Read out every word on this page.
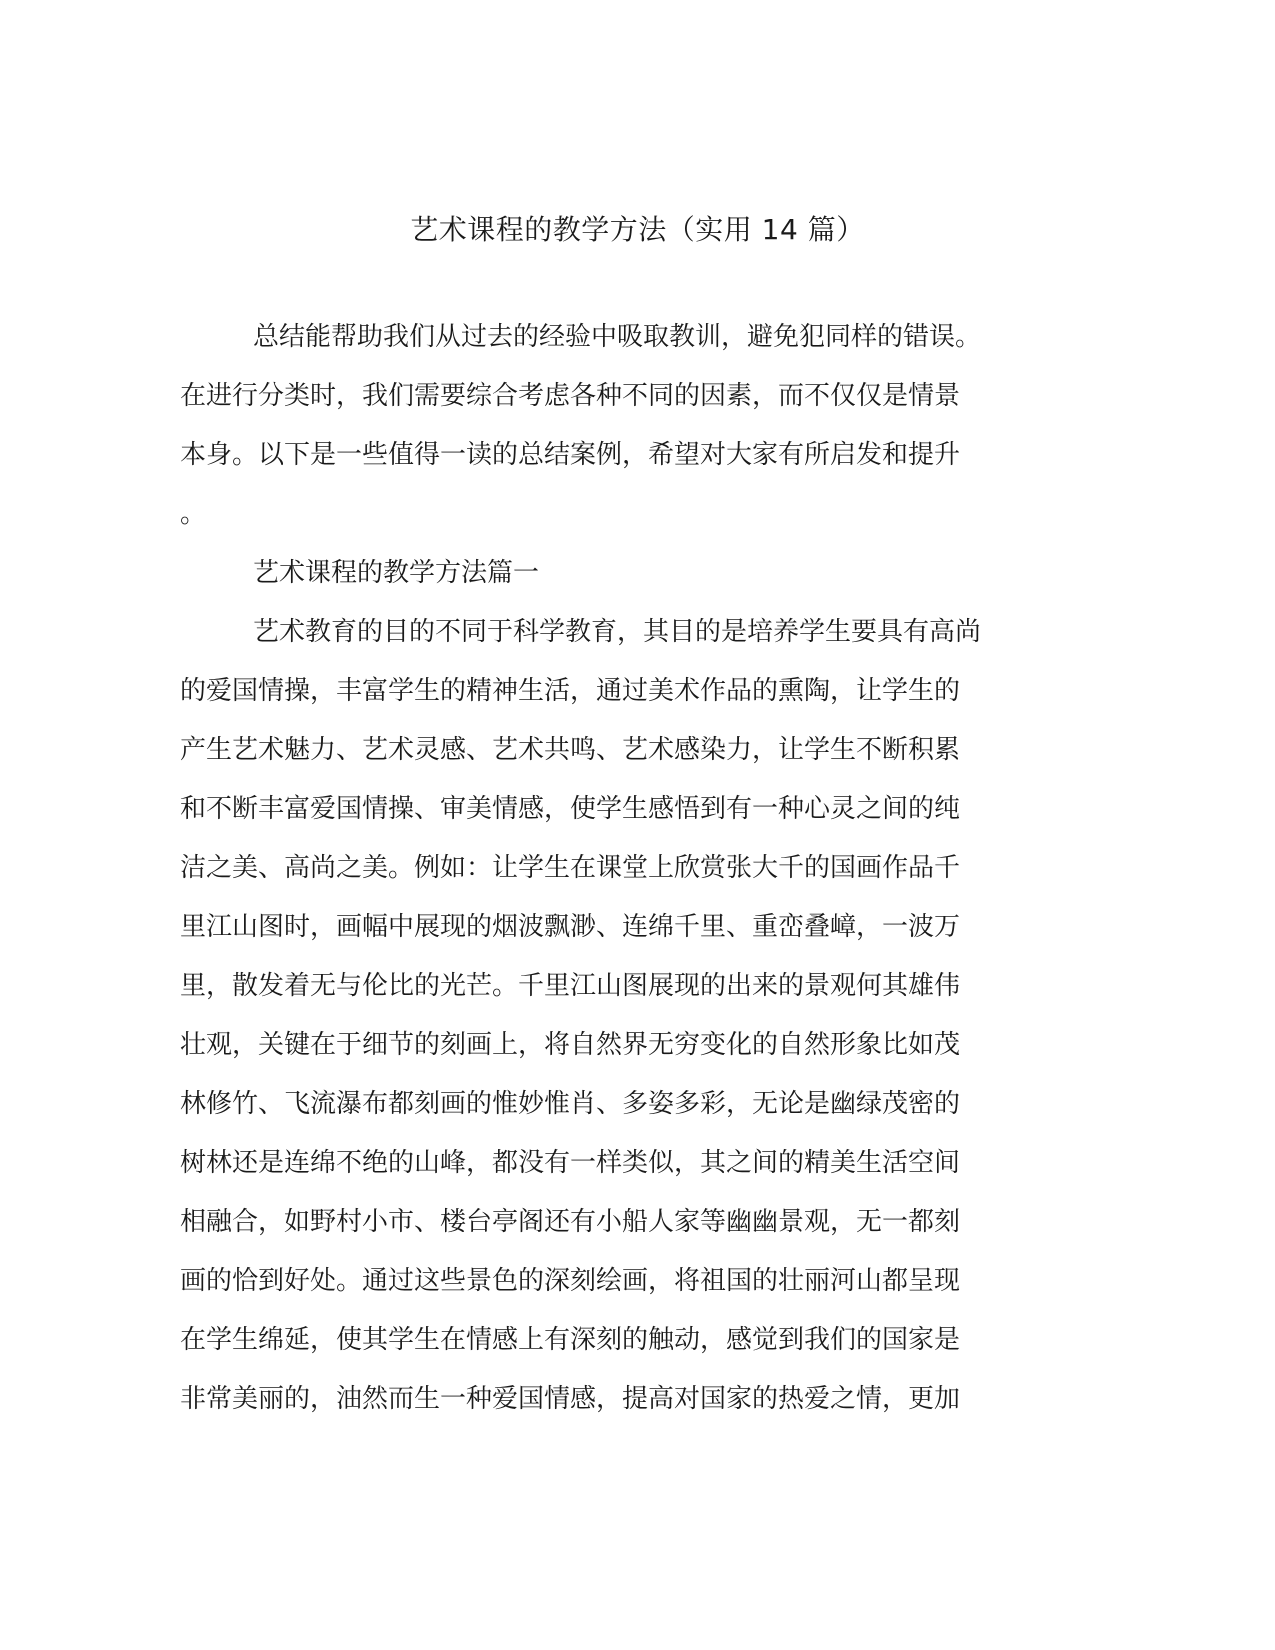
艺术课程的教学方法（实用 14 篇）
总结能帮助我们从过去的经验中吸取教训，避免犯同样的错误。
在进行分类时，我们需要综合考虑各种不同的因素，而不仅仅是情景
本身。以下是一些值得一读的总结案例，希望对大家有所启发和提升
。
艺术课程的教学方法篇一
艺术教育的目的不同于科学教育，其目的是培养学生要具有高尚
的爱国情操，丰富学生的精神生活，通过美术作品的熏陶，让学生的
产生艺术魅力、艺术灵感、艺术共鸣、艺术感染力，让学生不断积累
和不断丰富爱国情操、审美情感，使学生感悟到有一种心灵之间的纯
洁之美、高尚之美。例如：让学生在课堂上欣赏张大千的国画作品千
里江山图时，画幅中展现的烟波飘渺、连绵千里、重峦叠嶂，一波万
里，散发着无与伦比的光芒。千里江山图展现的出来的景观何其雄伟
壮观，关键在于细节的刻画上，将自然界无穷变化的自然形象比如茂
林修竹、飞流瀑布都刻画的惟妙惟肖、多姿多彩，无论是幽绿茂密的
树林还是连绵不绝的山峰，都没有一样类似，其之间的精美生活空间
相融合，如野村小市、楼台亭阁还有小船人家等幽幽景观，无一都刻
画的恰到好处。通过这些景色的深刻绘画，将祖国的壮丽河山都呈现
在学生绵延，使其学生在情感上有深刻的触动，感觉到我们的国家是
非常美丽的，油然而生一种爱国情感，提高对国家的热爱之情，更加
